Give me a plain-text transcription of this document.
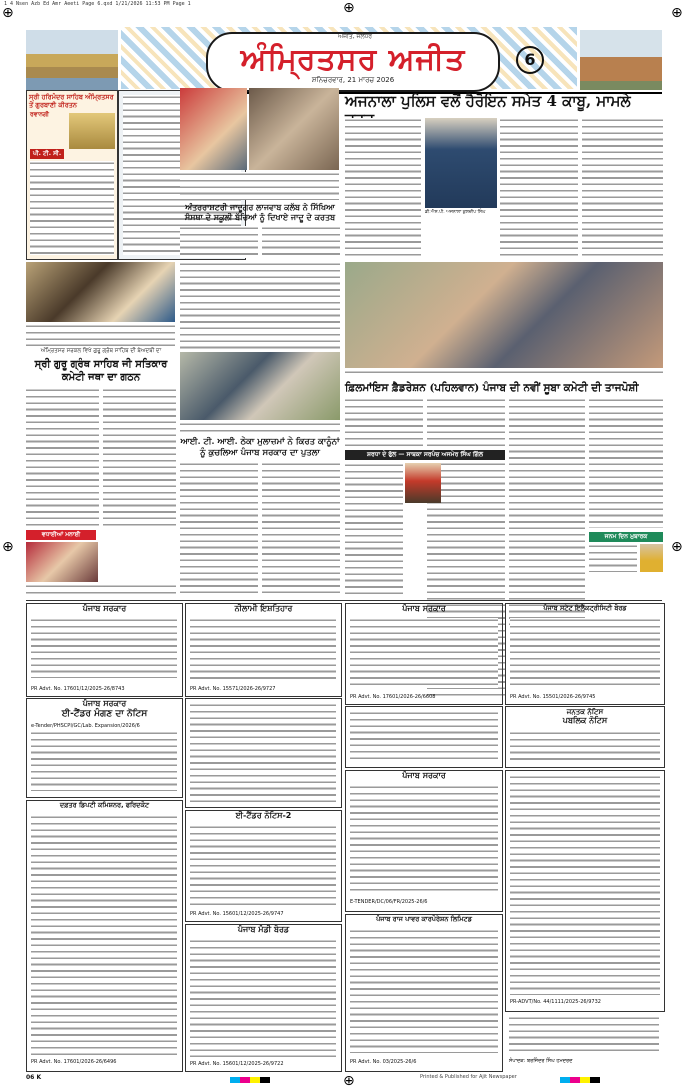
1 4 Nsen Azb Ed Amr Aeeti Page 6.qxd 1/21/2026 11:53 PM Page 1	⊕
⊕	⊕
⊕	⊕
⊕
ਅਜੀਤ, ਜਲੰਧਰ
ਅੰਮ੍ਰਿਤਸਰ ਅਜੀਤ
ਸ਼ਨਿਚਰਵਾਰ, 21 ਮਾਰਚ 2026
6
ਸ੍ਰੀ ਹਰਿਮੰਦਰ ਸਾਹਿਬ ਅੰਮ੍ਰਿਤਸਰ ਤੋਂ ਗੁਰਬਾਣੀ ਕੀਰਤਨ
ਰਵਾਨਗੀ
ਪੀ. ਟੀ. ਸੀ.
ਅੰਤਰਰਾਸ਼ਟਰੀ ਜਾਦੂਗਰ ਲਾਜਵਾਬ ਕਲੱਬ ਨੇ ਸਿੱਖਿਆ ਸੰਸਥਾ ਦੇ ਸਕੂਲੀ ਬੱਚਿਆਂ ਨੂੰ ਦਿਖਾਏ ਜਾਦੂ ਦੇ ਕਰਤਬ
ਅਜਨਾਲਾ ਪੁਲਿਸ ਵਲੋਂ ਹੈਰੋਇਨ ਸਮੇਤ 4 ਕਾਬੂ, ਮਾਮਲੇ
ਡੀ.ਐਸ.ਪੀ. ਅਜਨਾਲਾ ਕੁਲਦੀਪ ਸਿੰਘ
ਅੰਮ੍ਰਿਤਸਰ ਸਰਕਲ ਵਿਖੇ ਗੁਰੂ ਗ੍ਰੰਥ ਸਾਹਿਬ ਦੀ ਬੇਅਦਬੀ ਦਾ
ਸ੍ਰੀ ਗੁਰੂ ਗ੍ਰੰਥ ਸਾਹਿਬ ਜੀ ਸਤਿਕਾਰ ਕਮੇਟੀ ਜਥਾ ਦਾ ਗਠਨ
ਆਈ. ਟੀ. ਆਈ. ਠੇਕਾ ਮੁਲਾਜ਼ਮਾਂ ਨੇ ਕਿਰਤ ਕਾਨੂੰਨਾਂ ਨੂੰ ਕੁਚਲਿਆ ਪੰਜਾਬ ਸਰਕਾਰ ਦਾ ਪੁਤਲਾ
ਫ਼ਿਲਮਾਂਇਸ ਫ਼ੈਡਰੇਸ਼ਨ (ਪਹਿਲਵਾਨ) ਪੰਜਾਬ ਦੀ ਨਵੀਂ ਸੂਬਾ ਕਮੇਟੀ ਦੀ ਤਾਜਪੋਸ਼ੀ
ਸ਼ਰਧਾ ਦੇ ਫੁੱਲ — ਸਾਬਕਾ ਸਰਪੰਚ ਅਜਮੇਰ ਸਿੰਘ ਗਿੱਲ
ਜਨਮ ਦਿਨ ਮੁਬਾਰਕ
ਵਧਾਈਆਂ ਮਨਾਈ
ਪੰਜਾਬ ਸਰਕਾਰ
PR Advt. No. 17601/12/2025-26/8743
ਨੀਲਾਮੀ ਇਸ਼ਤਿਹਾਰ
PR Advt. No. 15571/2026-26/9727
ਪੰਜਾਬ ਸਰਕਾਰ
PR Advt. No. 17601/2026-26/6608
ਪੰਜਾਬ ਸਟੇਟ ਇਲੈਕਟ੍ਰੀਸਿਟੀ ਬੋਰਡ
PR Advt. No. 15501/2026-26/9745
ਪੰਜਾਬ ਸਰਕਾਰ
ਈ-ਟੈਂਡਰ ਮੰਗਣ ਦਾ ਨੋਟਿਸ
e-Tender/PHSCPI/GC/Lab. Expansion/2026/6
ਜਨਤਕ ਨੋਟਿਸ
ਪਬਲਿਕ ਨੋਟਿਸ
ਦਫ਼ਤਰ ਡਿਪਟੀ ਕਮਿਸ਼ਨਰ, ਫਰਿਦਕੋਟ
PR Advt. No. 17601/2026-26/6496
ਈ-ਟੈਂਡਰ ਨੋਟਿਸ-2
PR Advt. No. 15601/12/2025-26/9747
ਪੰਜਾਬ ਮੰਡੀ ਬੋਰਡ
PR Advt. No. 15601/12/2025-26/9722
ਪੰਜਾਬ ਸਰਕਾਰ
E-TENDER/DC/06/FR/2025-26/6
ਪੰਜਾਬ ਰਾਜ ਪਾਵਰ ਕਾਰਪੋਰੇਸ਼ਨ ਲਿਮਿਟਡ
PR Advt. No. 03/2025-26/6
PR-ADVT/No. 44/1111/2025-26/9732
ਸੰਪਾਦਕ: ਬਰਜਿੰਦਰ ਸਿੰਘ ਹਮਦਰਦ
06 K	Printed & Published for Ajit Newspaper
